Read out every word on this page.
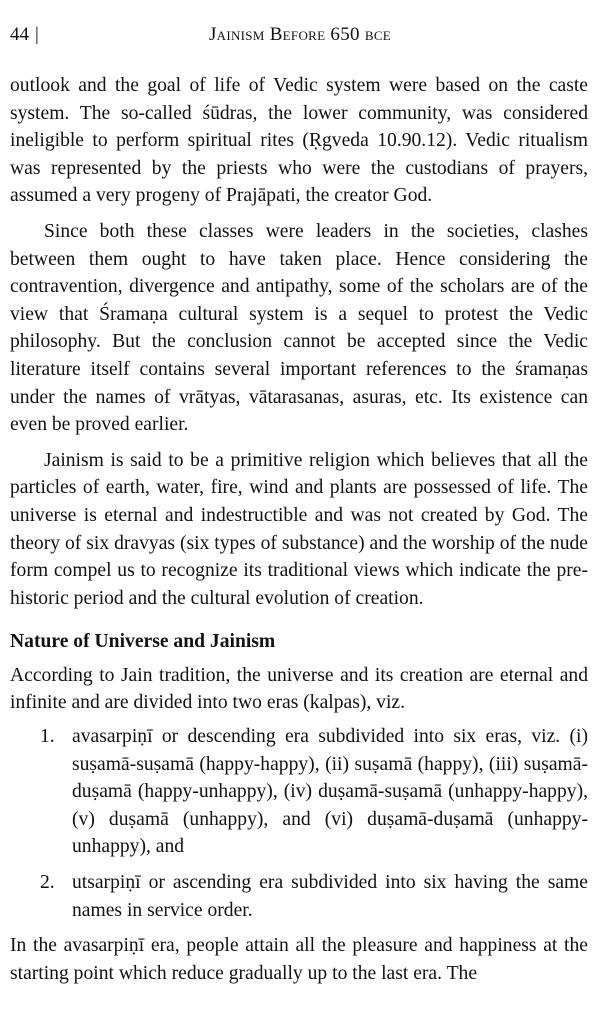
44 |	Jainism Before 650 bce

outlook and the goal of life of Vedic system were based on the caste system. The so-called śūdras, the lower community, was considered ineligible to perform spiritual rites (Ṛgveda 10.90.12). Vedic ritualism was represented by the priests who were the custodians of prayers, assumed a very progeny of Prajāpati, the creator God.

Since both these classes were leaders in the societies, clashes between them ought to have taken place. Hence considering the contravention, divergence and antipathy, some of the scholars are of the view that Śramaṇa cultural system is a sequel to protest the Vedic philosophy. But the conclusion cannot be accepted since the Vedic literature itself contains several important references to the śramaṇas under the names of vrātyas, vātarasanas, asuras, etc. Its existence can even be proved earlier.

Jainism is said to be a primitive religion which believes that all the particles of earth, water, fire, wind and plants are possessed of life. The universe is eternal and indestructible and was not created by God. The theory of six dravyas (six types of substance) and the worship of the nude form compel us to recognize its traditional views which indicate the pre-historic period and the cultural evolution of creation.

Nature of Universe and Jainism

According to Jain tradition, the universe and its creation are eternal and infinite and are divided into two eras (kalpas), viz.

1. avasarpiṇī or descending era subdivided into six eras, viz. (i) suṣamā-suṣamā (happy-happy), (ii) suṣamā (happy), (iii) suṣamā-duṣamā (happy-unhappy), (iv) duṣamā-suṣamā (unhappy-happy), (v) duṣamā (unhappy), and (vi) duṣamā-duṣamā (unhappy-unhappy), and
2. utsarpiṇī or ascending era subdivided into six having the same names in service order.

In the avasarpiṇī era, people attain all the pleasure and happiness at the starting point which reduce gradually up to the last era. The
